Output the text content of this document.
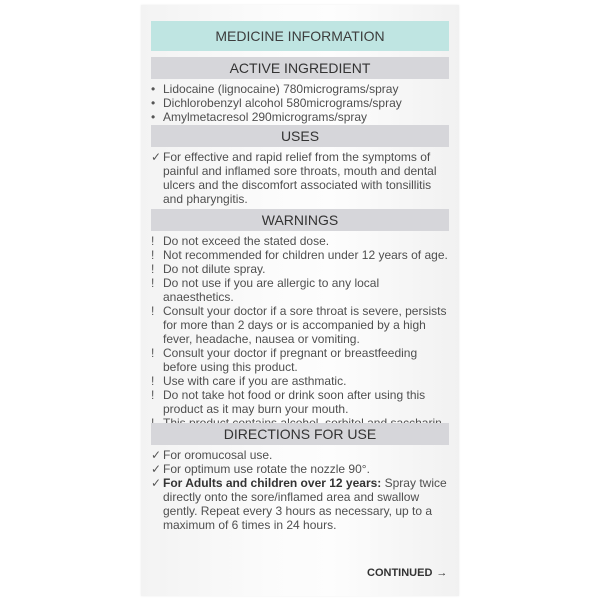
MEDICINE INFORMATION
ACTIVE INGREDIENT
• Lidocaine (lignocaine) 780micrograms/spray
• Dichlorobenzyl alcohol 580micrograms/spray
• Amylmetacresol 290micrograms/spray
USES
✓ For effective and rapid relief from the symptoms of painful and inflamed sore throats, mouth and dental ulcers and the discomfort associated with tonsillitis and pharyngitis.
WARNINGS
! Do not exceed the stated dose.
! Not recommended for children under 12 years of age.
! Do not dilute spray.
! Do not use if you are allergic to any local anaesthetics.
! Consult your doctor if a sore throat is severe, persists for more than 2 days or is accompanied by a high fever, headache, nausea or vomiting.
! Consult your doctor if pregnant or breastfeeding before using this product.
! Use with care if you are asthmatic.
! Do not take hot food or drink soon after using this product as it may burn your mouth.
DIRECTIONS FOR USE
✓ For oromucosal use.
✓ For optimum use rotate the nozzle 90°.
✓ For Adults and children over 12 years: Spray twice directly onto the sore/inflamed area and swallow gently. Repeat every 3 hours as necessary, up to a maximum of 6 times in 24 hours.
CONTINUED →
